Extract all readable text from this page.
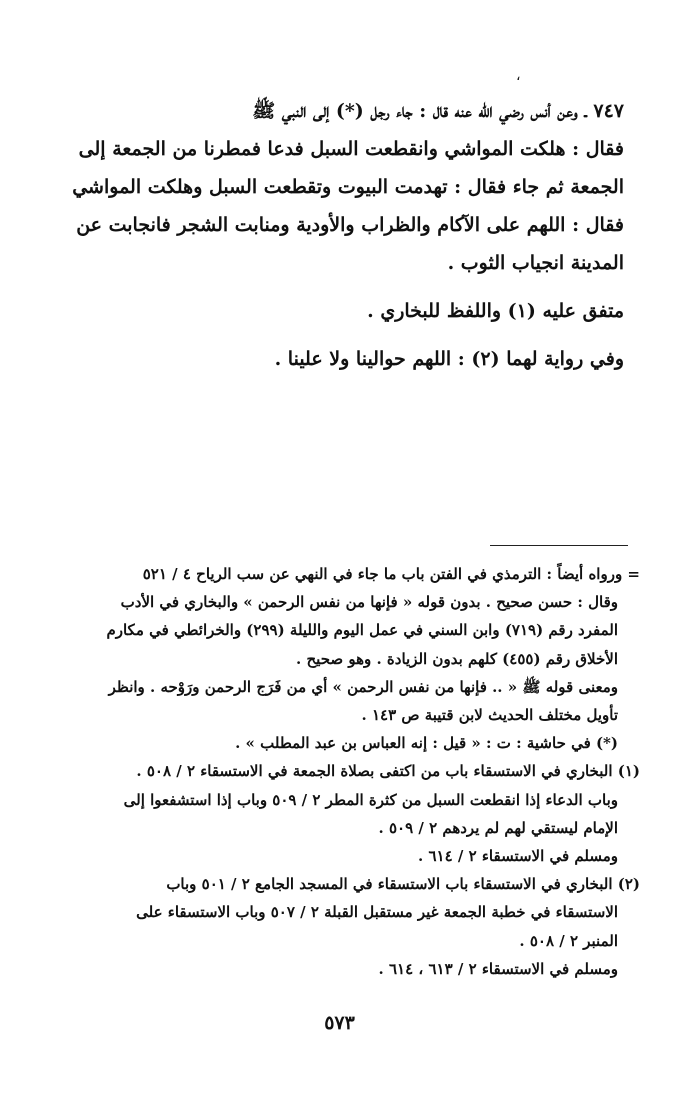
،

٧٤٧ ـ وعن أنس رضي الله عنه قال : جاء رجل (*) إلى النبي ﷺ

فقال : هلكت المواشي وانقطعت السبل فدعا فمطرنا من الجمعة إلى

الجمعة ثم جاء فقال : تهدمت البيوت وتقطعت السبل وهلكت المواشي

فقال : اللهم على الآكام والظراب والأودية ومنابت الشجر فانجابت عن

المدينة انجياب الثوب .

متفق عليه (١) واللفظ للبخاري .

وفي رواية لهما (٢) : اللهم حوالينا ولا علينا .

= ورواه أيضاً : الترمذي في الفتن باب ما جاء في النهي عن سب الرياح ٤ / ٥٢١

وقال : حسن صحيح . بدون قوله « فإنها من نفس الرحمن » والبخاري في الأدب

المفرد رقم (٧١٩) وابن السني في عمل اليوم والليلة (٢٩٩) والخرائطي في مكارم

الأخلاق رقم (٤٥٥) كلهم بدون الزيادة . وهو صحيح .

ومعنى قوله ﷺ « .. فإنها من نفس الرحمن » أي من فَرَج الرحمن ورَوْحه . وانظر

تأويل مختلف الحديث لابن قتيبة ص ١٤٣ .

(*) في حاشية : ت : « قيل : إنه العباس بن عبد المطلب » .

(١) البخاري في الاستسقاء باب من اكتفى بصلاة الجمعة في الاستسقاء ٢ / ٥٠٨ .

وباب الدعاء إذا انقطعت السبل من كثرة المطر ٢ / ٥٠٩ وباب إذا استشفعوا إلى

الإمام ليستقي لهم لم يردهم ٢ / ٥٠٩ .

ومسلم في الاستسقاء ٢ / ٦١٤ .

(٢) البخاري في الاستسقاء باب الاستسقاء في المسجد الجامع ٢ / ٥٠١ وباب

الاستسقاء في خطبة الجمعة غير مستقبل القبلة ٢ / ٥٠٧ وباب الاستسقاء على

المنبر ٢ / ٥٠٨ .

ومسلم في الاستسقاء ٢ / ٦١٣ ، ٦١٤ .

٥٧٣
